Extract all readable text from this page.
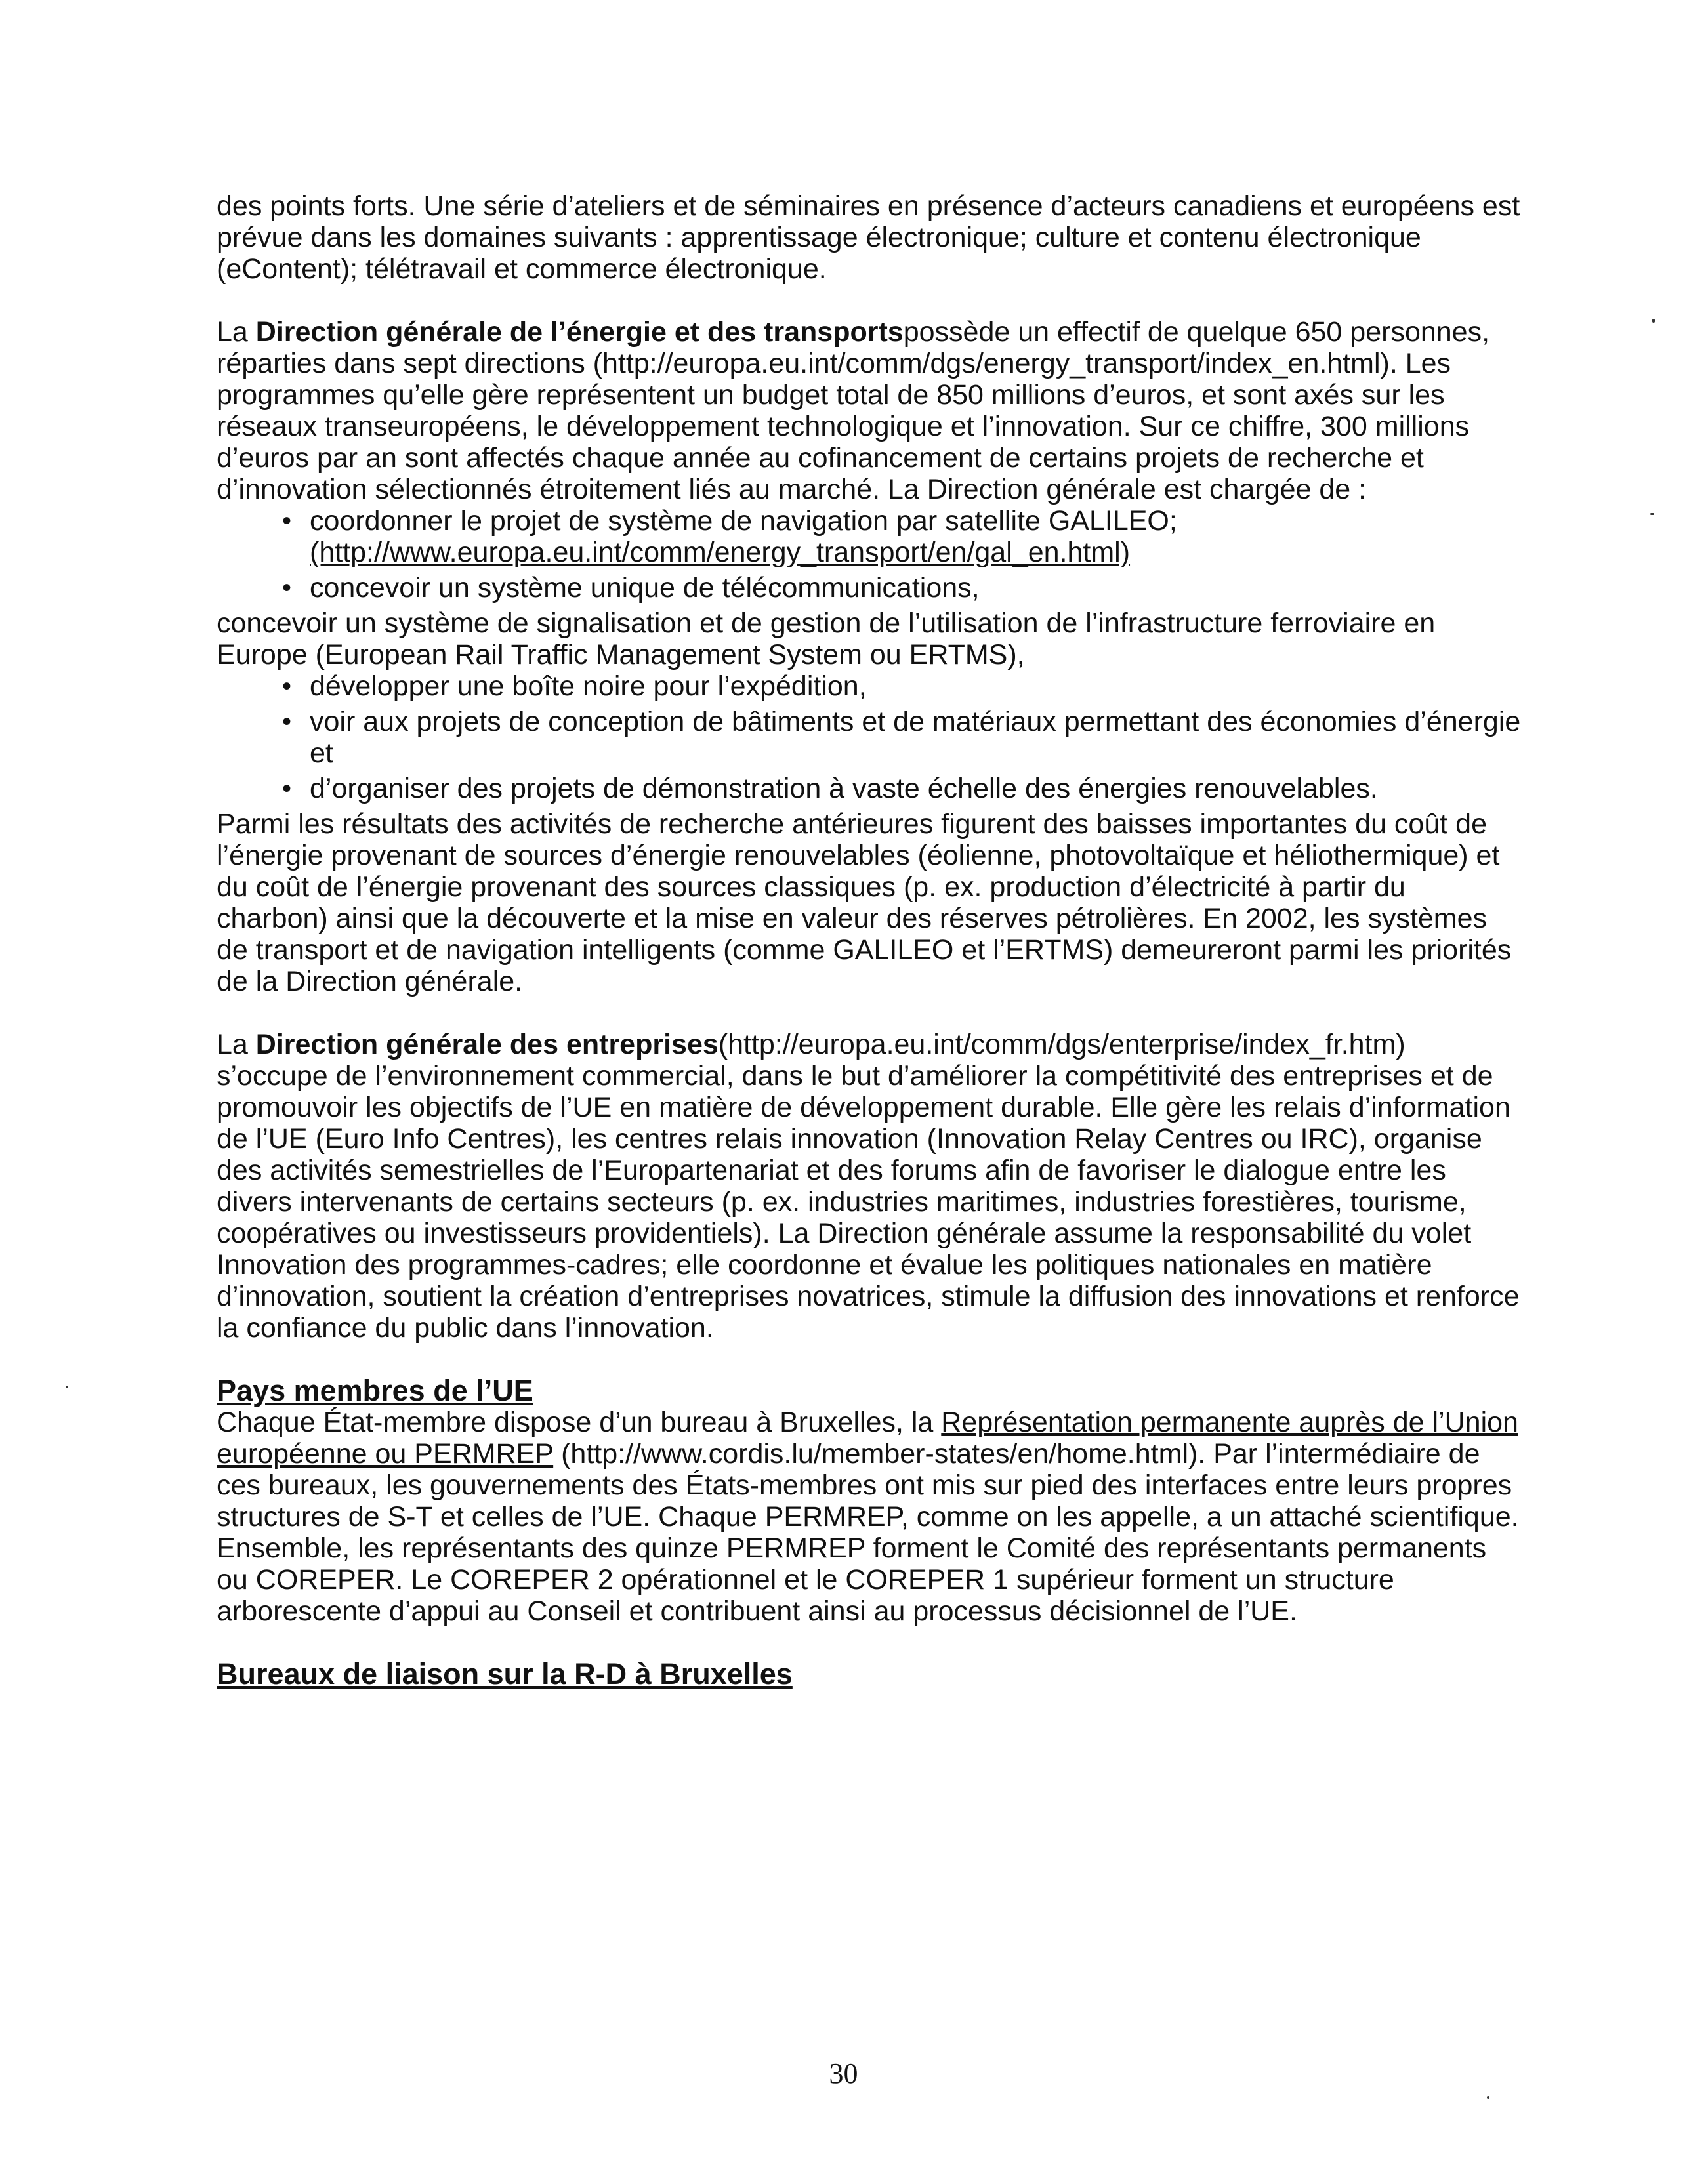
des points forts. Une série d’ateliers et de séminaires en présence d’acteurs canadiens et européens est prévue dans les domaines suivants : apprentissage électronique; culture et contenu électronique (eContent); télétravail et commerce électronique.

La Direction générale de l’énergie et des transportspossède un effectif de quelque 650 personnes, réparties dans sept directions (http://europa.eu.int/comm/dgs/energy_transport/index_en.html). Les programmes qu’elle gère représentent un budget total de 850 millions d’euros, et sont axés sur les réseaux transeuropéens, le développement technologique et l’innovation. Sur ce chiffre, 300 millions d’euros par an sont affectés chaque année au cofinancement de certains projets de recherche et d’innovation sélectionnés étroitement liés au marché. La Direction générale est chargée de :

• coordonner le projet de système de navigation par satellite GALILEO;
(http://www.europa.eu.int/comm/energy_transport/en/gal_en.html)
• concevoir un système unique de télécommunications,

concevoir un système de signalisation et de gestion de l’utilisation de l’infrastructure ferroviaire en Europe (European Rail Traffic Management System ou ERTMS),

• développer une boîte noire pour l’expédition,
• voir aux projets de conception de bâtiments et de matériaux permettant des économies d’énergie et
• d’organiser des projets de démonstration à vaste échelle des énergies renouvelables.

Parmi les résultats des activités de recherche antérieures figurent des baisses importantes du coût de l’énergie provenant de sources d’énergie renouvelables (éolienne, photovoltaïque et héliothermique) et du coût de l’énergie provenant des sources classiques (p. ex. production d’électricité à partir du charbon) ainsi que la découverte et la mise en valeur des réserves pétrolières. En 2002, les systèmes de transport et de navigation intelligents (comme GALILEO et l’ERTMS) demeureront parmi les priorités de la Direction générale.

La Direction générale des entreprises(http://europa.eu.int/comm/dgs/enterprise/index_fr.htm) s’occupe de l’environnement commercial, dans le but d’améliorer la compétitivité des entreprises et de promouvoir les objectifs de l’UE en matière de développement durable. Elle gère les relais d’information de l’UE (Euro Info Centres), les centres relais innovation (Innovation Relay Centres ou IRC), organise des activités semestrielles de l’Europartenariat et des forums afin de favoriser le dialogue entre les divers intervenants de certains secteurs (p. ex. industries maritimes, industries forestières, tourisme, coopératives ou investisseurs providentiels). La Direction générale assume la responsabilité du volet Innovation des programmes-cadres; elle coordonne et évalue les politiques nationales en matière d’innovation, soutient la création d’entreprises novatrices, stimule la diffusion des innovations et renforce la confiance du public dans l’innovation.

Pays membres de l’UE

Chaque État-membre dispose d’un bureau à Bruxelles, la Représentation permanente auprès de l’Union européenne ou PERMREP (http://www.cordis.lu/member-states/en/home.html). Par l’intermédiaire de ces bureaux, les gouvernements des États-membres ont mis sur pied des interfaces entre leurs propres structures de S-T et celles de l’UE. Chaque PERMREP, comme on les appelle, a un attaché scientifique. Ensemble, les représentants des quinze PERMREP forment le Comité des représentants permanents ou COREPER. Le COREPER 2 opérationnel et le COREPER 1 supérieur forment un structure arborescente d’appui au Conseil et contribuent ainsi au processus décisionnel de l’UE.

Bureaux de liaison sur la R-D à Bruxelles
30
